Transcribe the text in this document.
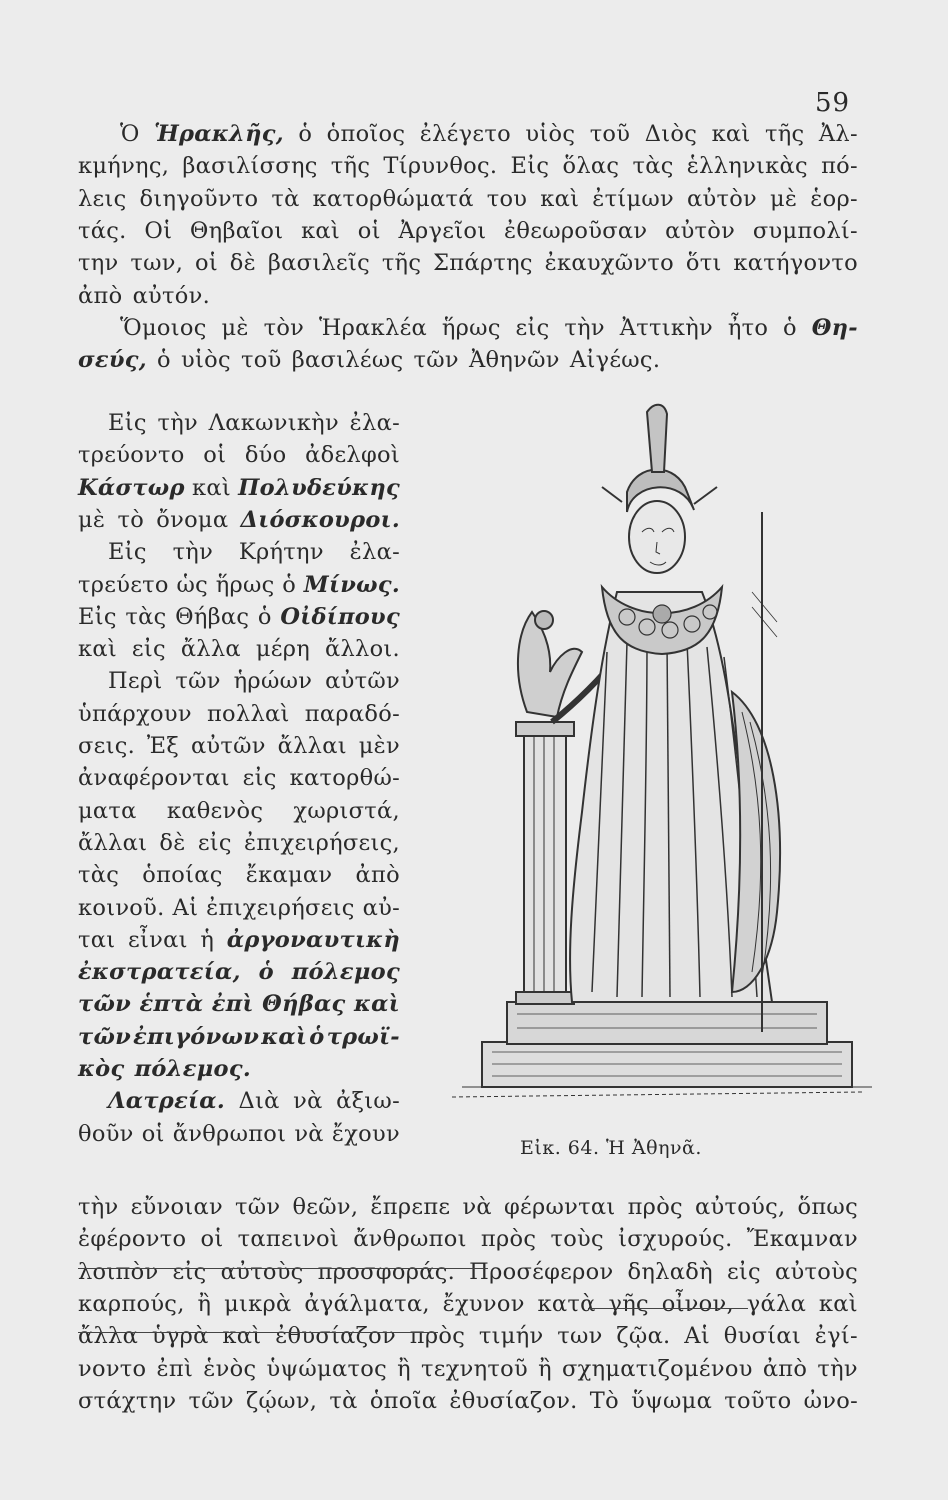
59
Ὁ Ἡρακλῆς, ὁ ὁποῖος ἐλέγετο υἱὸς τοῦ Διὸς καὶ τῆς Ἀλ-
κμήνης, βασιλίσσης τῆς Τίρυνθος. Εἰς ὅλας τὰς ἑλληνικὰς πό-
λεις διηγοῦντο τὰ κατορθώματά του καὶ ἐτίμων αὐτὸν μὲ ἑορ-
τάς. Οἱ Θηβαῖοι καὶ οἱ Ἀργεῖοι ἐθεωροῦσαν αὐτὸν συμπολί-
την των, οἱ δὲ βασιλεῖς τῆς Σπάρτης ἐκαυχῶντο ὅτι κατήγοντο
ἀπὸ αὐτόν.
Ὅμοιος μὲ τὸν Ἡρακλέα ἥρως εἰς τὴν Ἀττικὴν ἦτο ὁ Θη-
σεύς, ὁ υἱὸς τοῦ βασιλέως τῶν Ἀθηνῶν Αἰγέως.
Εἰς τὴν Λακωνικὴν ἐλα-
τρεύοντο οἱ δύο ἀδελφοὶ
Κάστωρ καὶ Πολυδεύκης
μὲ τὸ ὄνομα Διόσκουροι.
Εἰς τὴν Κρήτην ἐλα-
τρεύετο ὡς ἥρως ὁ Μίνως.
Εἰς τὰς Θήβας ὁ Οἰδίπους
καὶ εἰς ἄλλα μέρη ἄλλοι.
Περὶ τῶν ἡρώων αὐτῶν
ὑπάρχουν πολλαὶ παραδό-
σεις. Ἐξ αὐτῶν ἄλλαι μὲν
ἀναφέρονται εἰς κατορθώ-
ματα καθενὸς χωριστά,
ἄλλαι δὲ εἰς ἐπιχειρήσεις,
τὰς ὁποίας ἔκαμαν ἀπὸ
κοινοῦ. Αἱ ἐπιχειρήσεις αὐ-
ται εἶναι ἡ ἀργοναυτικὴ
ἐκστρατεία, ὁ πόλεμος
τῶν ἑπτὰ ἐπὶ Θήβας καὶ
τῶν ἐπιγόνων καὶ ὁ τρωϊ-
κὸς πόλεμος.
Λατρεία. Διὰ νὰ ἀξιω-
θοῦν οἱ ἄνθρωποι νὰ ἔχουν
τὴν εὔνοιαν τῶν θεῶν, ἔπρεπε νὰ φέρωνται πρὸς αὐτούς, ὅπως
ἐφέροντο οἱ ταπεινοὶ ἄνθρωποι πρὸς τοὺς ἰσχυρούς. Ἔκαμναν
λοιπὸν εἰς αὐτοὺς προσφοράς. Προσέφερον δηλαδὴ εἰς αὐτοὺς
καρπούς, ἢ μικρὰ ἀγάλματα, ἔχυνον κατὰ γῆς οἶνον, γάλα καὶ
ἄλλα ὑγρὰ καὶ ἐθυσίαζον πρὸς τιμήν των ζῷα. Αἱ θυσίαι ἐγί-
νοντο ἐπὶ ἑνὸς ὑψώματος ἢ τεχνητοῦ ἢ σχηματιζομένου ἀπὸ τὴν
στάχτην τῶν ζῴων, τὰ ὁποῖα ἐθυσίαζον. Τὸ ὕψωμα τοῦτο ὠνο-
Εἰκ. 64. Ἡ Ἀθηνᾶ.
